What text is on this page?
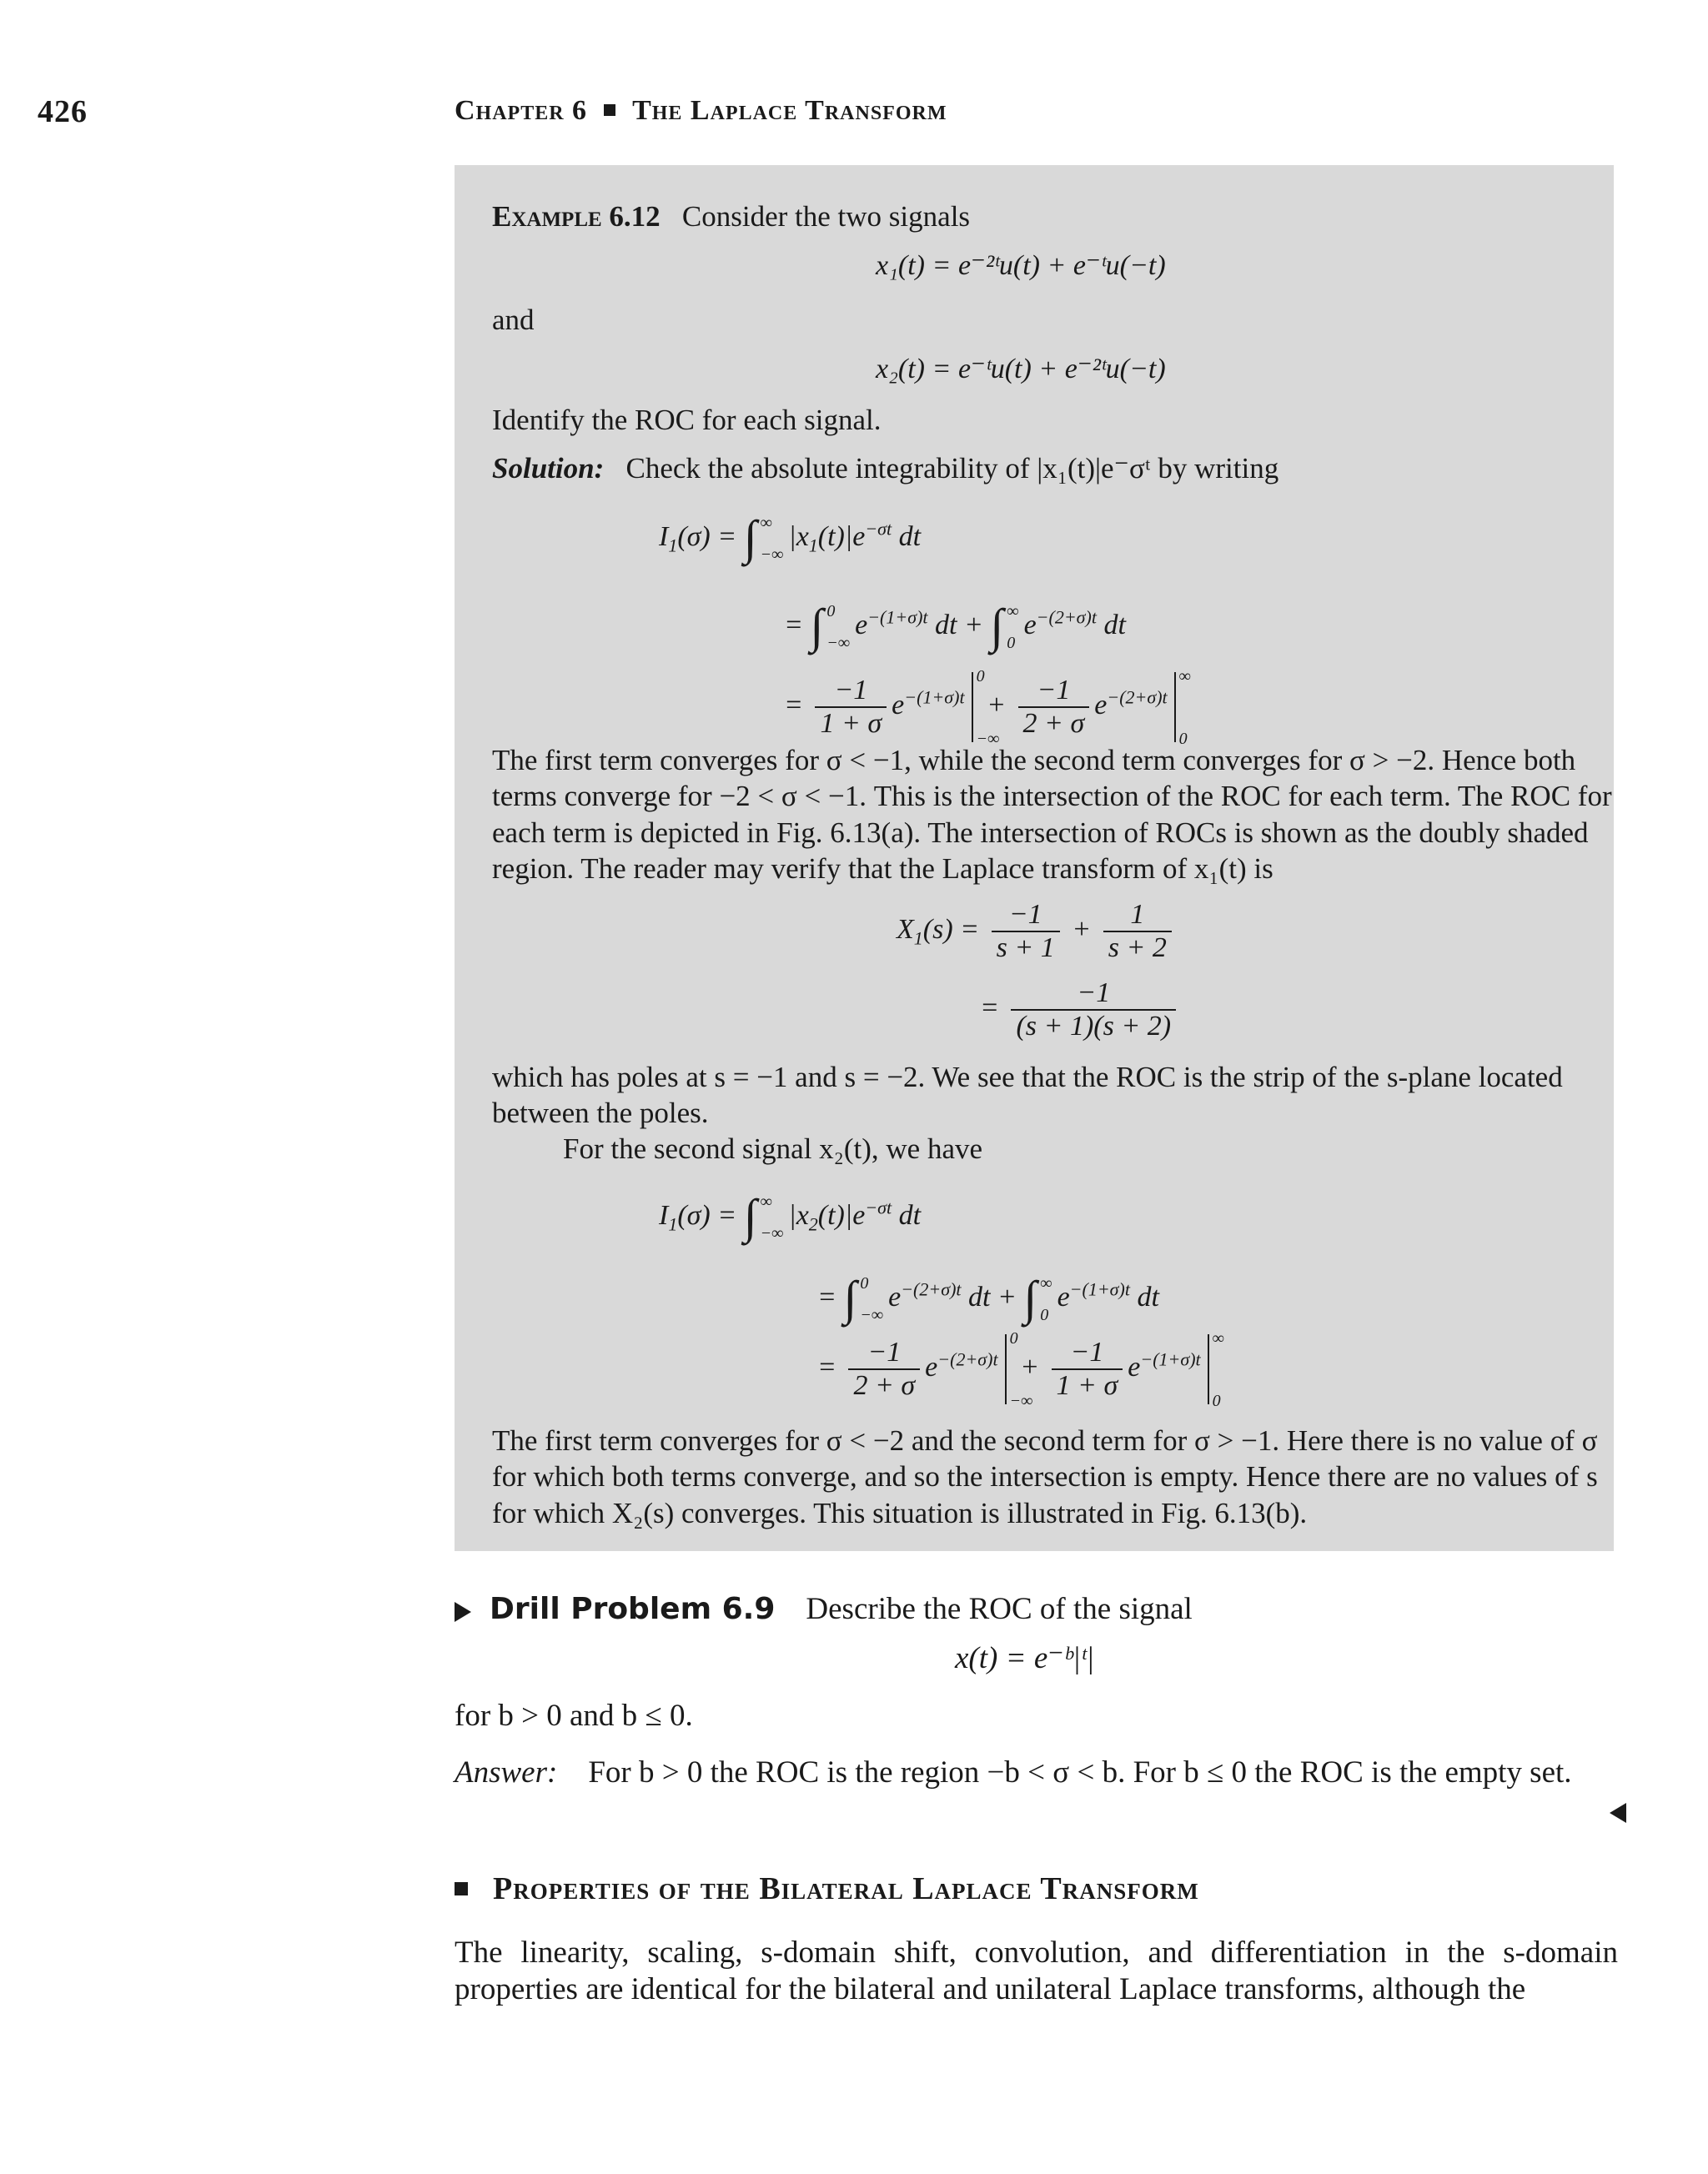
426	Chapter 6 The Laplace Transform
Example 6.12 Consider the two signals
x₁(t) = e⁻²ᵗu(t) + e⁻ᵗu(−t)
and
x₂(t) = e⁻ᵗu(t) + e⁻²ᵗu(−t)
Identify the ROC for each signal.
Solution: Check the absolute integrability of |x₁(t)|e⁻σᵗ by writing
$I_1(\sigma)$ = ∫ ∞
$-\infty|x_1(t)|e^{-\sigma t}$ dt
= ∫ 0
$-\infty e^{-(1+\sigma)t}$ dt + ∫ ∞
$0e^{-(2+\sigma)t}$ dt
= $\frac{-1}{1 + \sigma} e^{-(1+\sigma)t}$
0
−∞
+ $\frac{-1}{2 + \sigma} e^{-(2+\sigma)t}$
∞
0
The first term converges for σ < −1, while the second term converges for σ > −2. Hence both terms converge for −2 < σ < −1. This is the intersection of the ROC for each term. The ROC for each term is depicted in Fig. 6.13(a). The intersection of ROCs is shown as the doubly shaded region. The reader may verify that the Laplace transform of x₁(t) is
$X_1(s) = \frac{-1}{s + 1} + \frac{1}{s + 2}$
= $\frac{-1}{(s + 1)(s + 2)}$
which has poles at s = −1 and s = −2. We see that the ROC is the strip of the s-plane located between the poles.
For the second signal x₂(t), we have
$I_1(\sigma)$ = ∫ ∞
$-\infty|x_2(t)|e^{-\sigma t}$ dt
= ∫ 0
$-\infty e^{-(2+\sigma)t}$ dt + ∫ ∞
$0e^{-(1+\sigma)t}$ dt
= $\frac{-1}{2 + \sigma} e^{-(2+\sigma)t}$
0
−∞
+ $\frac{-1}{1 + \sigma} e^{-(1+\sigma)t}$
∞
0
The first term converges for σ < −2 and the second term for σ > −1. Here there is no value of σ for which both terms converge, and so the intersection is empty. Hence there are no values of s for which X₂(s) converges. This situation is illustrated in Fig. 6.13(b).
Drill Problem 6.9 Describe the ROC of the signal
x(t) = e⁻ᵇ|ᵗ|
for b > 0 and b ≤ 0.
Answer: For b > 0 the ROC is the region −b < σ < b. For b ≤ 0 the ROC is the empty set.
Properties of the Bilateral Laplace Transform
The linearity, scaling, s-domain shift, convolution, and differentiation in the s-domain properties are identical for the bilateral and unilateral Laplace transforms, although the
